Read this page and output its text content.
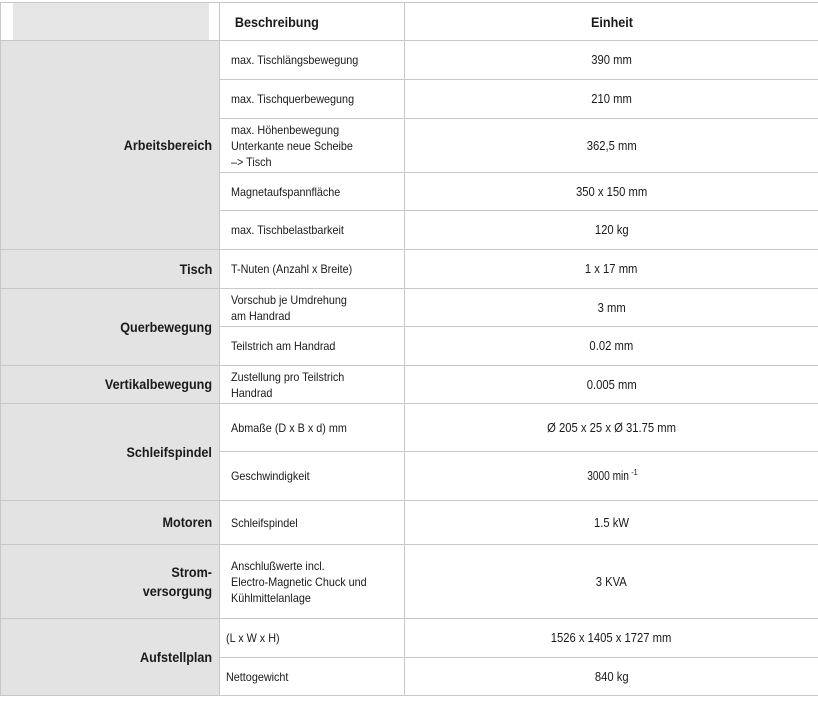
	Beschreibung	Einheit
Arbeitsbereich	max. Tischlängsbewegung	390 mm
	max. Tischquerbewegung	210 mm
	max. Höhenbewegung
Unterkante neue Scheibe
–> Tisch	362,5 mm
	Magnetaufspannfläche	350 x 150 mm
	max. Tischbelastbarkeit	120 kg
Tisch	T-Nuten (Anzahl x Breite)	1 x 17 mm
Querbewegung	Vorschub je Umdrehung
am Handrad	3 mm
	Teilstrich am Handrad	0.02 mm
Vertikalbewegung	Zustellung pro Teilstrich
Handrad	0.005 mm
Schleifspindel	Abmaße (D x B x d) mm	Ø 205 x 25 x Ø 31.75 mm
	Geschwindigkeit	3000 min $^{-1}$
Motoren	Schleifspindel	1.5 kW
Strom-
versorgung	Anschlußwerte incl.
Electro-Magnetic Chuck und
Kühlmittelanlage	3 KVA
Aufstellplan	(L x W x H)	1526 x 1405 x 1727 mm
	Nettogewicht	840 kg
